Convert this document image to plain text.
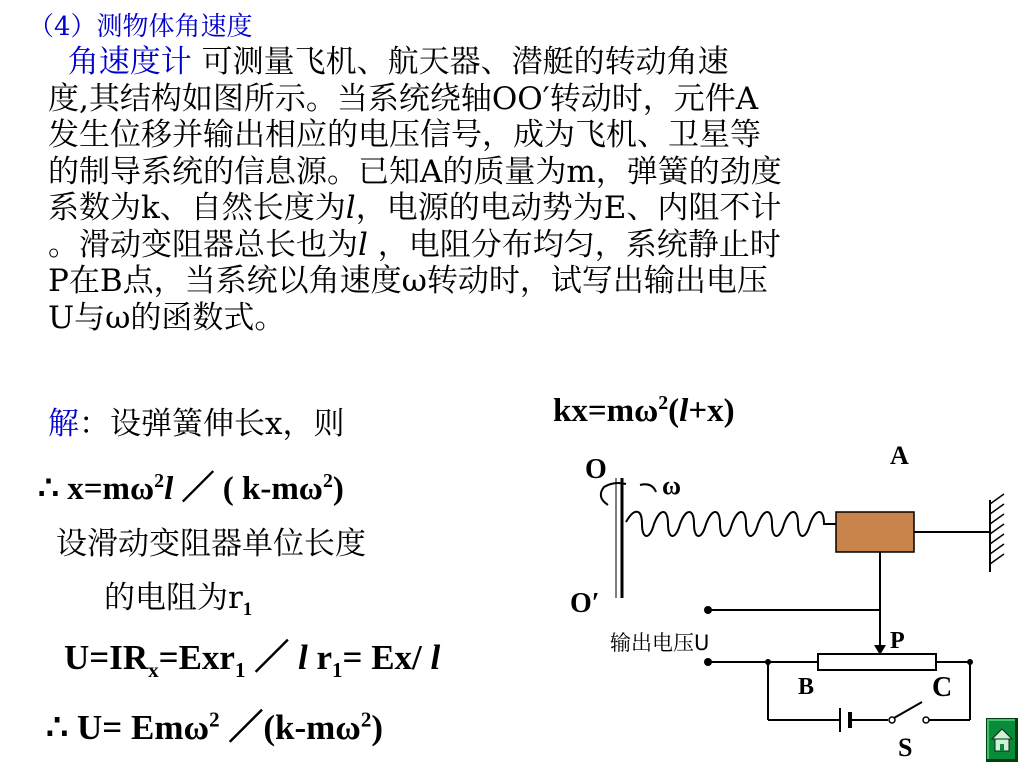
（4）测物体角速度

角速度计 可测量飞机、航天器、潜艇的转动角速

度,其结构如图所示。当系统绕轴OO′转动时，元件A

发生位移并输出相应的电压信号，成为飞机、卫星等

的制导系统的信息源。已知A的质量为m，弹簧的劲度

系数为k、自然长度为l，电源的电动势为E、内阻不计

。滑动变阻器总长也为l ，电阻分布均匀，系统静止时

P在B点，当系统以角速度ω转动时，试写出输出电压

U与ω的函数式。

解：设弹簧伸长x，则	$kx=m\omega^2(l+x)$
∴ $x=m\omega^2l$ ／ ( $k-m\omega^2$)
设滑动变阻器单位长度
的电阻为$r_1$
$U=IR_x=Exr_1$ ／ l $r_1= Ex/$ l
∴ U= Emω$^2$ $/(k-m\omega^2)$
O
O′
ω
A
输出电压U	P
B	C
S
